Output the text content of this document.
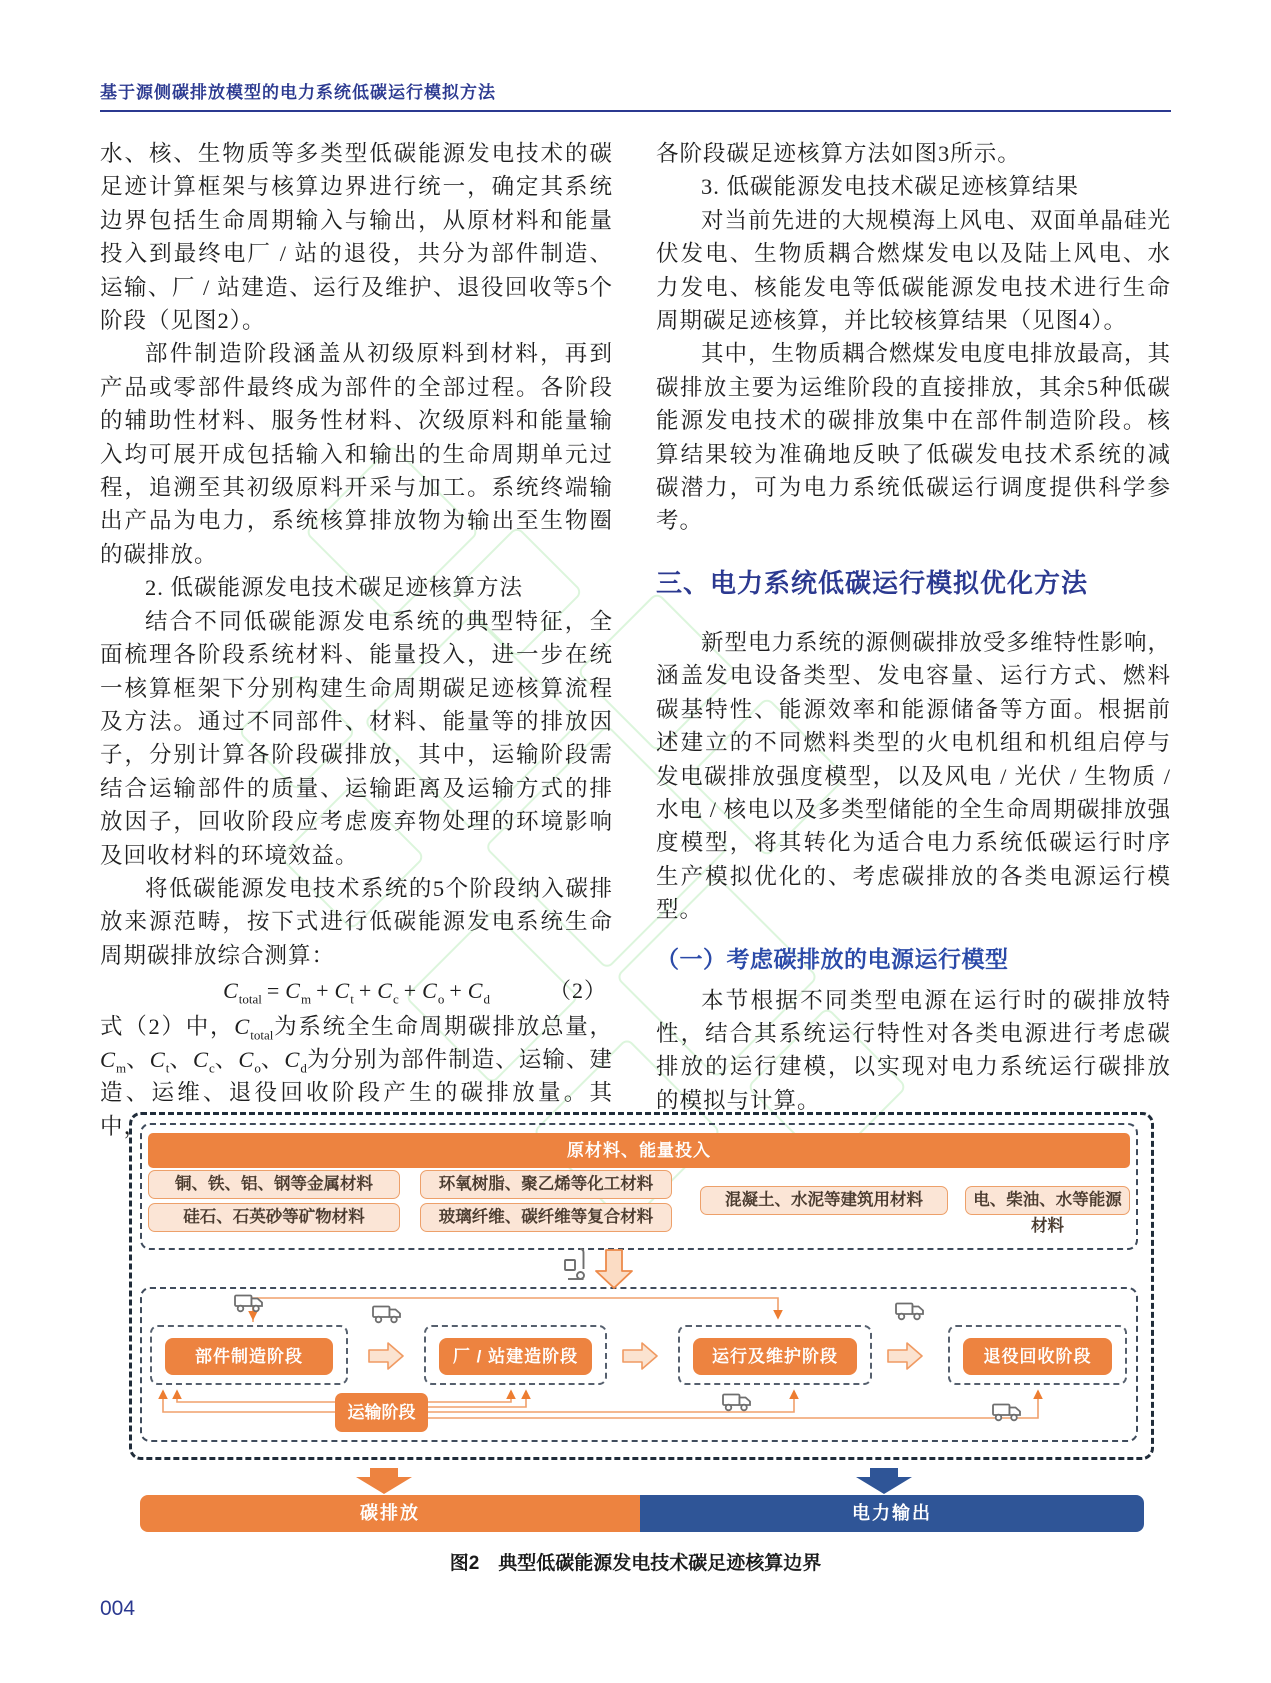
基于源侧碳排放模型的电力系统低碳运行模拟方法

水、核、生物质等多类型低碳能源发电技术的碳足迹计算框架与核算边界进行统一，确定其系统边界包括生命周期输入与输出，从原材料和能量投入到最终电厂 / 站的退役，共分为部件制造、运输、厂 / 站建造、运行及维护、退役回收等5个阶段（见图2）。

部件制造阶段涵盖从初级原料到材料，再到产品或零部件最终成为部件的全部过程。各阶段的辅助性材料、服务性材料、次级原料和能量输入均可展开成包括输入和输出的生命周期单元过程，追溯至其初级原料开采与加工。系统终端输出产品为电力，系统核算排放物为输出至生物圈的碳排放。

2. 低碳能源发电技术碳足迹核算方法

结合不同低碳能源发电系统的典型特征，全面梳理各阶段系统材料、能量投入，进一步在统一核算框架下分别构建生命周期碳足迹核算流程及方法。通过不同部件、材料、能量等的排放因子，分别计算各阶段碳排放，其中，运输阶段需结合运输部件的质量、运输距离及运输方式的排放因子，回收阶段应考虑废弃物处理的环境影响及回收材料的环境效益。

将低碳能源发电技术系统的5个阶段纳入碳排放来源范畴，按下式进行低碳能源发电系统生命周期碳排放综合测算：

$C_{total} = C_m + C_t + C_c + C_o + C_d$	（2）

式（2）中，$C_{total}$为系统全生命周期碳排放总量，$C_m$、$C_t$、$C_c$、$C_o$、$C_d$为分别为部件制造、运输、建造、运维、退役回收阶段产生的碳排放量。其中，

各阶段碳足迹核算方法如图3所示。

3. 低碳能源发电技术碳足迹核算结果

对当前先进的大规模海上风电、双面单晶硅光伏发电、生物质耦合燃煤发电以及陆上风电、水力发电、核能发电等低碳能源发电技术进行生命周期碳足迹核算，并比较核算结果（见图4）。

其中，生物质耦合燃煤发电度电排放最高，其碳排放主要为运维阶段的直接排放，其余5种低碳能源发电技术的碳排放集中在部件制造阶段。核算结果较为准确地反映了低碳发电技术系统的减碳潜力，可为电力系统低碳运行调度提供科学参考。

三、电力系统低碳运行模拟优化方法

新型电力系统的源侧碳排放受多维特性影响，涵盖发电设备类型、发电容量、运行方式、燃料碳基特性、能源效率和能源储备等方面。根据前述建立的不同燃料类型的火电机组和机组启停与发电碳排放强度模型，以及风电 / 光伏 / 生物质 / 水电 / 核电以及多类型储能的全生命周期碳排放强度模型，将其转化为适合电力系统低碳运行时序生产模拟优化的、考虑碳排放的各类电源运行模型。

（一）考虑碳排放的电源运行模型

本节根据不同类型电源在运行时的碳排放特性，结合其系统运行特性对各类电源进行考虑碳排放的运行建模，以实现对电力系统运行碳排放的模拟与计算。

原材料、能量投入
铜、铁、铝、钢等金属材料	环氧树脂、聚乙烯等化工材料
混凝土、水泥等建筑用材料	电、柴油、水等能源材料
硅石、石英砂等矿物材料	玻璃纤维、碳纤维等复合材料
部件制造阶段	厂 / 站建造阶段	运行及维护阶段	退役回收阶段
运输阶段
碳排放	电力输出
图2　典型低碳能源发电技术碳足迹核算边界
004
